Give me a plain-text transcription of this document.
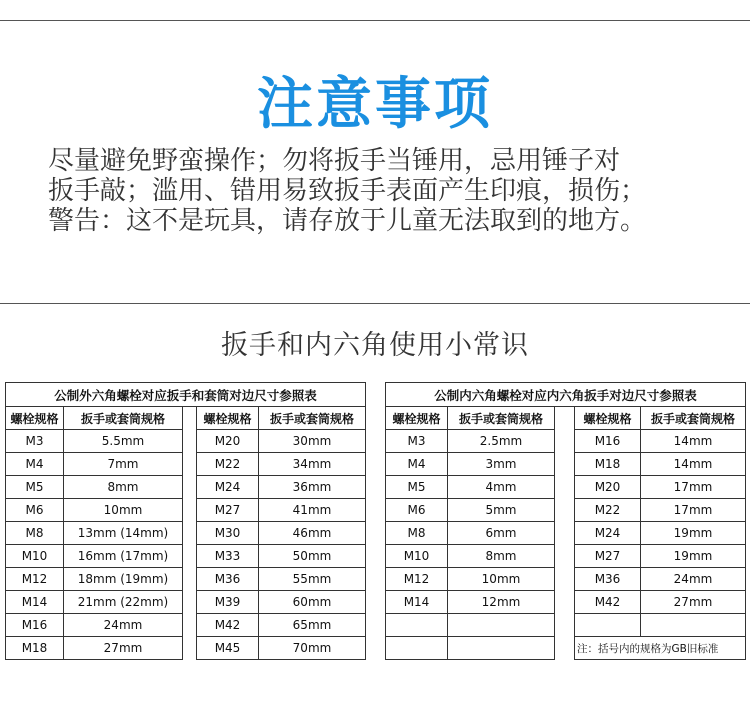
注意事项
尽量避免野蛮操作；勿将扳手当锤用，忌用锤子对
扳手敲；滥用、错用易致扳手表面产生印痕，损伤；
警告：这不是玩具，请存放于儿童无法取到的地方。
扳手和内六角使用小常识
公制外六角螺栓对应扳手和套筒对边尺寸参照表						公制内六角螺栓对应内六角扳手对边尺寸参照表				
螺栓规格	扳手或套筒规格		螺栓规格	扳手或套筒规格		螺栓规格	扳手或套筒规格		螺栓规格	扳手或套筒规格
M3	5.5mm		M20	30mm		M3	2.5mm		M16	14mm
M4	7mm		M22	34mm		M4	3mm		M18	14mm
M5	8mm		M24	36mm		M5	4mm		M20	17mm
M6	10mm		M27	41mm		M6	5mm		M22	17mm
M8	13mm (14mm)		M30	46mm		M8	6mm		M24	19mm
M10	16mm (17mm)		M33	50mm		M10	8mm		M27	19mm
M12	18mm (19mm)		M36	55mm		M12	10mm		M36	24mm
M14	21mm (22mm)		M39	60mm		M14	12mm		M42	27mm
M16	24mm		M42	65mm						
M18	27mm		M45	70mm					注：括号内的规格为GB旧标准	
